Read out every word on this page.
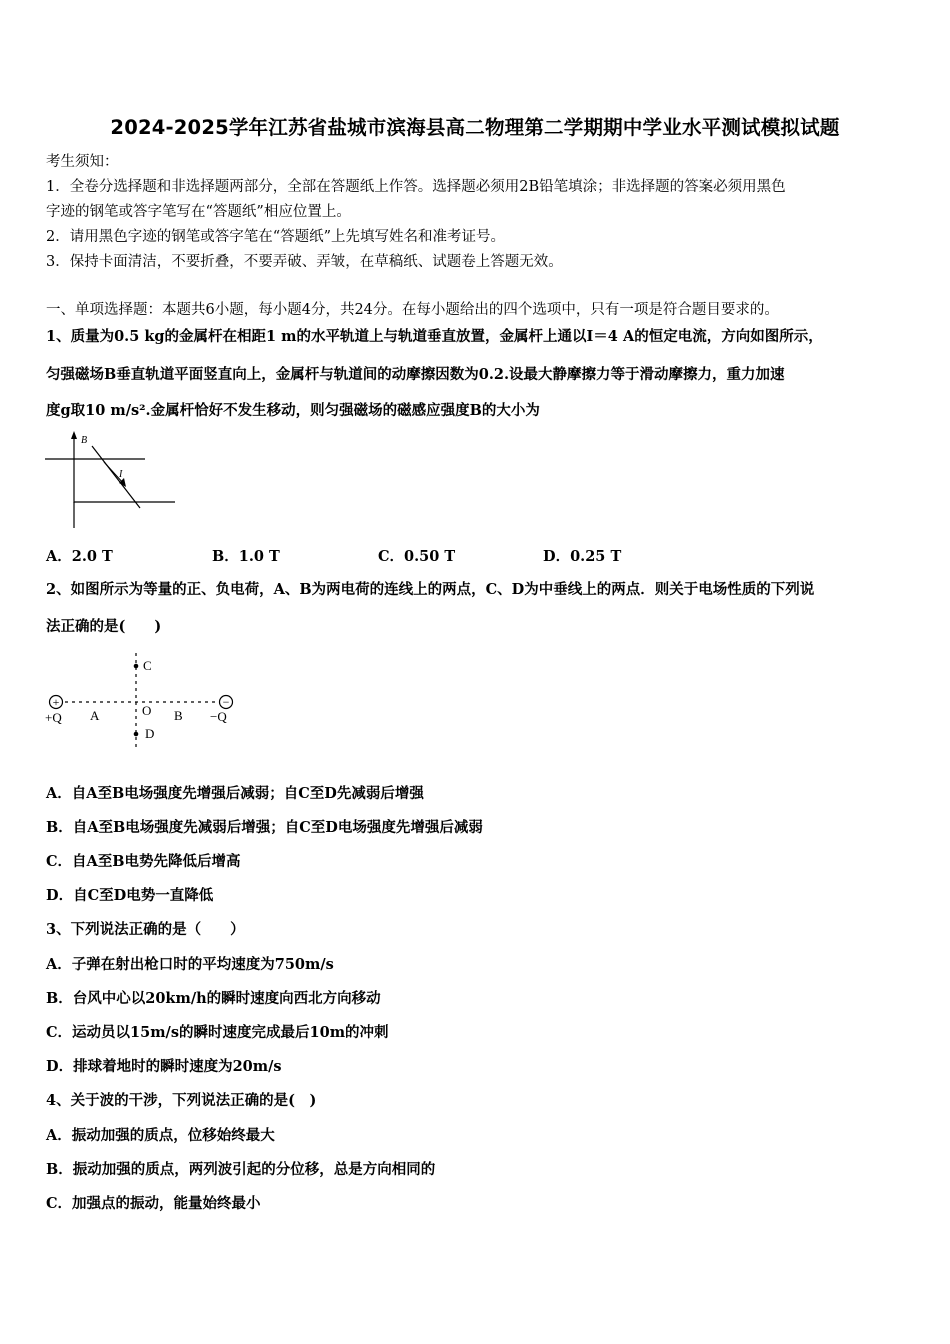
2024-2025学年江苏省盐城市滨海县高二物理第二学期期中学业水平测试模拟试题
考生须知：
1．全卷分选择题和非选择题两部分，全部在答题纸上作答。选择题必须用2B铅笔填涂；非选择题的答案必须用黑色
字迹的钢笔或答字笔写在“答题纸”相应位置上。
2．请用黑色字迹的钢笔或答字笔在“答题纸”上先填写姓名和准考证号。
3．保持卡面清洁，不要折叠，不要弄破、弄皱，在草稿纸、试题卷上答题无效。
一、单项选择题：本题共6小题，每小题4分，共24分。在每小题给出的四个选项中，只有一项是符合题目要求的。
1、质量为0.5 kg的金属杆在相距1 m的水平轨道上与轨道垂直放置，金属杆上通以I＝4 A的恒定电流，方向如图所示，
匀强磁场B垂直轨道平面竖直向上，金属杆与轨道间的动摩擦因数为0.2.设最大静摩擦力等于滑动摩擦力，重力加速
度g取10 m/s².金属杆恰好不发生移动，则匀强磁场的磁感应强度B的大小为
B
I
A．2.0 T	B．1.0 T	C．0.50 T	D．0.25 T
2、如图所示为等量的正、负电荷，A、B为两电荷的连线上的两点，C、D为中垂线上的两点．则关于电场性质的下列说
法正确的是(　　)
+
+Q
−
−Q
A	O B
C
D
A．自A至B电场强度先增强后减弱；自C至D先减弱后增强
B．自A至B电场强度先减弱后增强；自C至D电场强度先增强后减弱
C．自A至B电势先降低后增高
D．自C至D电势一直降低
3、下列说法正确的是（　　）
A．子弹在射出枪口时的平均速度为750m/s
B．台风中心以20km/h的瞬时速度向西北方向移动
C．运动员以15m/s的瞬时速度完成最后10m的冲刺
D．排球着地时的瞬时速度为20m/s
4、关于波的干涉，下列说法正确的是(　)
A．振动加强的质点，位移始终最大
B．振动加强的质点，两列波引起的分位移，总是方向相同的
C．加强点的振动，能量始终最小
